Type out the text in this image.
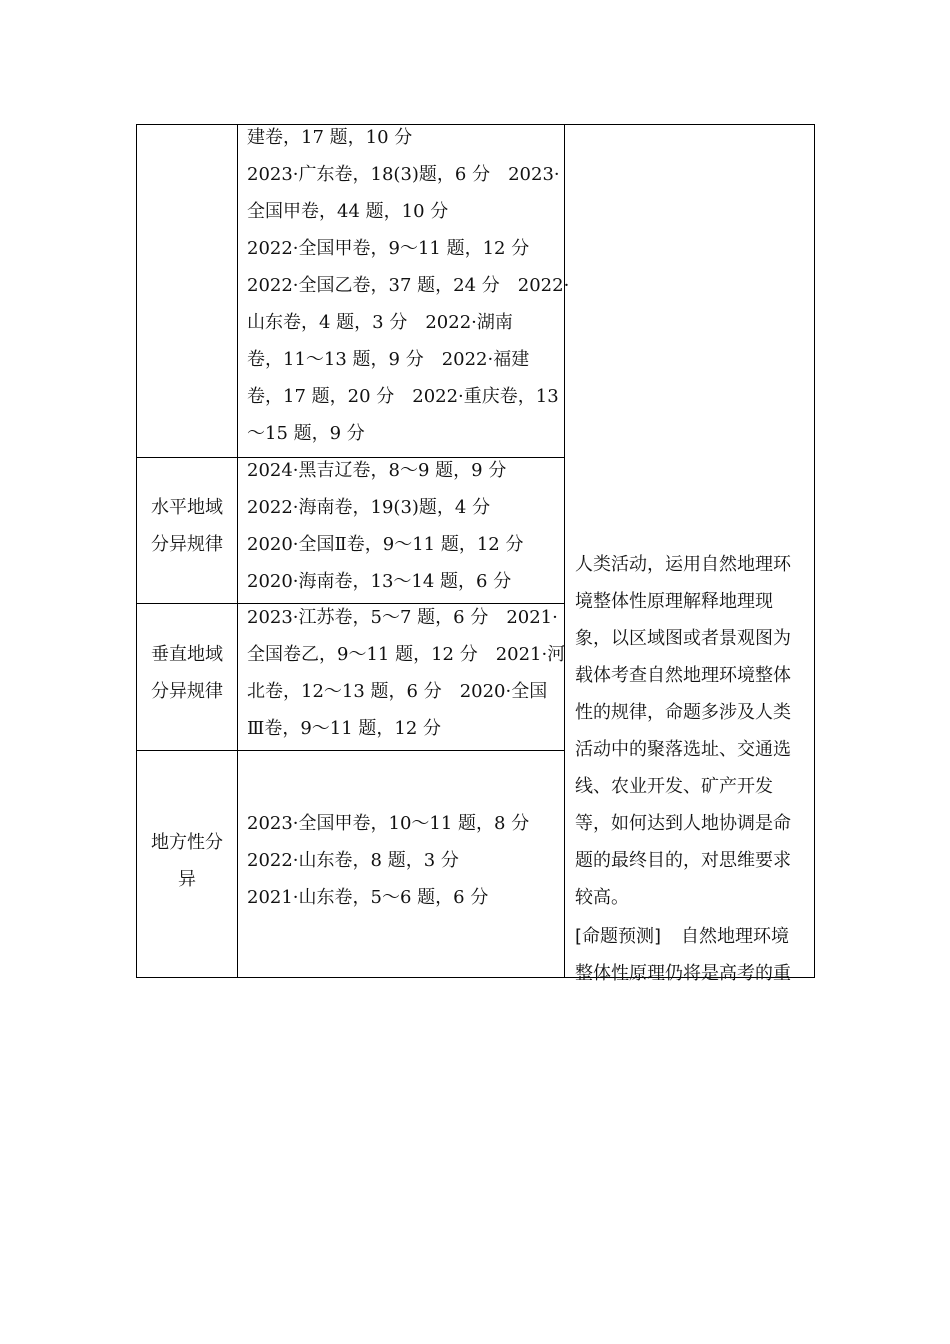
建卷，17 题，10 分

2023·广东卷，18(3)题，6 分　2023·

全国甲卷，44 题，10 分

2022·全国甲卷，9～11 题，12 分

2022·全国乙卷，37 题，24 分　2022·

山东卷，4 题，3 分　2022·湖南

卷，11～13 题，9 分　2022·福建

卷，17 题，20 分　2022·重庆卷，13

～15 题，9 分

水平地域

分异规律

2024·黑吉辽卷，8～9 题，9 分

2022·海南卷，19(3)题，4 分

2020·全国Ⅱ卷，9～11 题，12 分

2020·海南卷，13～14 题，6 分

垂直地域

分异规律

2023·江苏卷，5～7 题，6 分　2021·

全国卷乙，9～11 题，12 分　2021·河

北卷，12～13 题，6 分　2020·全国

Ⅲ卷，9～11 题，12 分

地方性分

异

2023·全国甲卷，10～11 题，8 分

2022·山东卷，8 题，3 分

2021·山东卷，5～6 题，6 分

人类活动，运用自然地理环

境整体性原理解释地理现

象，以区域图或者景观图为

载体考查自然地理环境整体

性的规律，命题多涉及人类

活动中的聚落选址、交通选

线、农业开发、矿产开发

等，如何达到人地协调是命

题的最终目的，对思维要求

较高。

[命题预测] 自然地理环境

整体性原理仍将是高考的重
